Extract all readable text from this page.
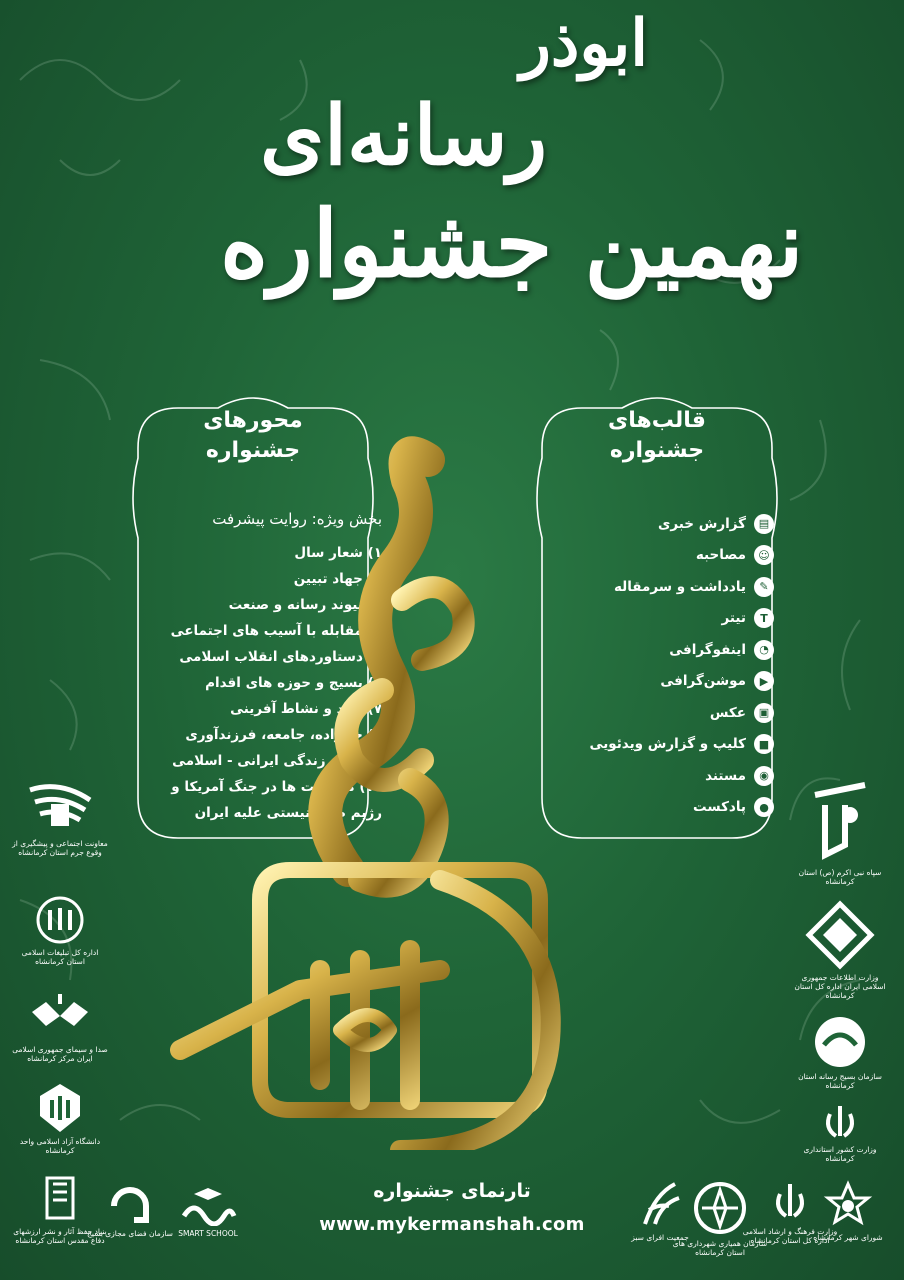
ابوذر
رسانه‌ای
نهمین جشنواره
محورهای
جشنواره
بخش ویژه: روایت پیشرفت
۱) شعار سال
۲) جهاد تبیین
۳) پیوند رسانه و صنعت
۴) مقابله با آسیب های اجتماعی
۵) دستاوردهای انقلاب اسلامی
۶) بسیج و حوزه های اقدام
۷) امید و نشاط آفرینی
۸) خانواده، جامعه، فرزندآوری
۹) سبک زندگی ایرانی - اسلامی
۱۰) مجاهدت ها در جنگ آمریکا و
رژیم صهیونیستی علیه ایران
قالب‌های
جشنواره
▤
گزارش خبری
☺
مصاحبه
✎
یادداشت و سرمقاله
T
تیتر
◔
اینفوگرافی
▶
موشن‌گرافی
▣
عکس
■
کلیپ و گزارش ویدئویی
◉
مستند
●
پادکست
معاونت اجتماعی و پیشگیری از وقوع جرم استان کرمانشاه
اداره کل تبلیغات اسلامی استان کرمانشاه
صدا و سیمای جمهوری اسلامی ایران مرکز کرمانشاه
دانشگاه آزاد اسلامی واحد کرمانشاه
بنیاد حفظ آثار و نشر ارزشهای دفاع مقدس استان کرمانشاه
سپاه نبی اکرم (ص) استان کرمانشاه
وزارت اطلاعات جمهوری اسلامی ایران اداره کل استان کرمانشاه
سازمان بسیج رسانه استان کرمانشاه
وزارت کشور استانداری کرمانشاه
سازمان فضای مجازی بسیج SMART SCHOOL	جمعیت افرای سبز
سازمان همیاری شهرداری های استان کرمانشاه
وزارت فرهنگ و ارشاد اسلامی اداره کل استان کرمانشاه
شورای شهر کرمانشاه
تارنمای جشنواره
www.mykermanshah.com
